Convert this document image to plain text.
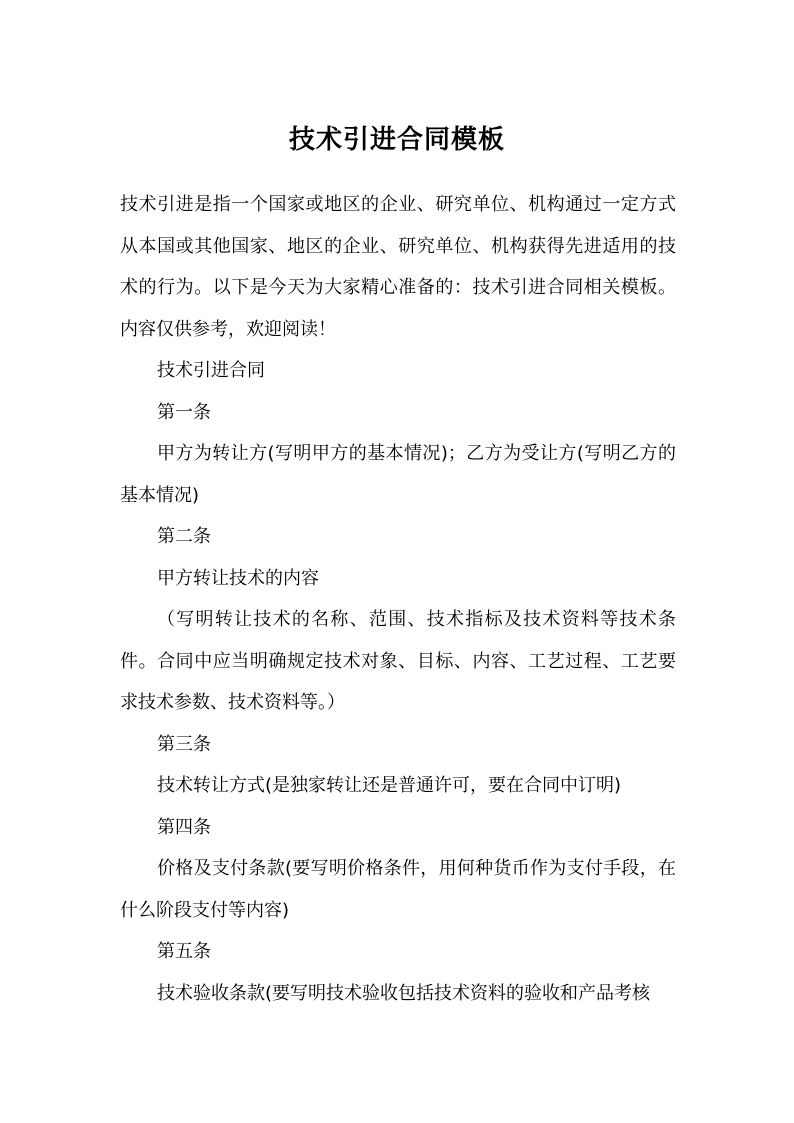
技术引进合同模板

技术引进是指一个国家或地区的企业、研究单位、机构通过一定方式从本国或其他国家、地区的企业、研究单位、机构获得先进适用的技术的行为。以下是今天为大家精心准备的：技术引进合同相关模板。内容仅供参考，欢迎阅读！

技术引进合同

第一条

甲方为转让方(写明甲方的基本情况)；乙方为受让方(写明乙方的基本情况)

第二条

甲方转让技术的内容

（写明转让技术的名称、范围、技术指标及技术资料等技术条件。合同中应当明确规定技术对象、目标、内容、工艺过程、工艺要求技术参数、技术资料等。）

第三条

技术转让方式(是独家转让还是普通许可，要在合同中订明)

第四条

价格及支付条款(要写明价格条件，用何种货币作为支付手段，在什么阶段支付等内容)

第五条

技术验收条款(要写明技术验收包括技术资料的验收和产品考核
